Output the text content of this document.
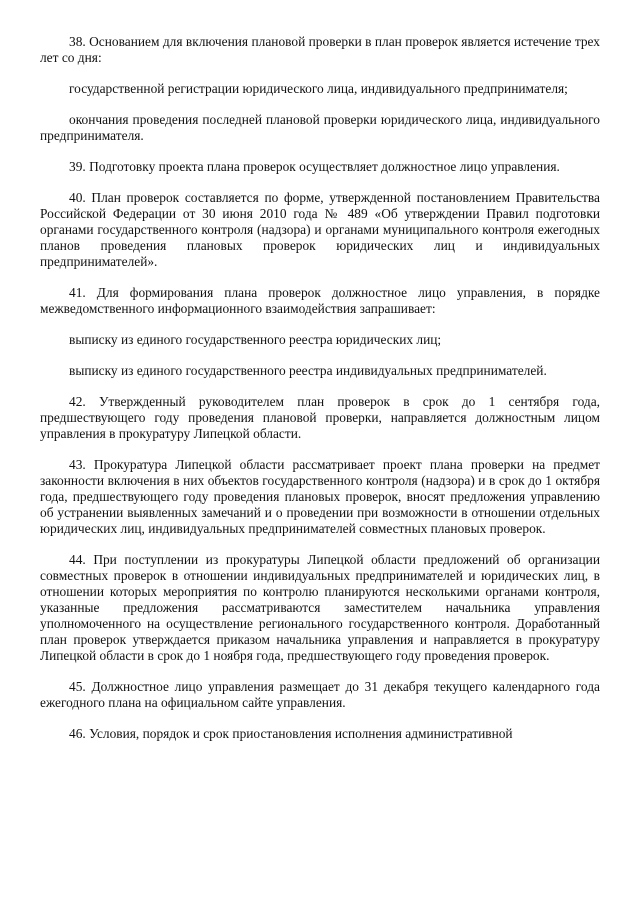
38. Основанием для включения плановой проверки в план проверок является истечение трех лет со дня:

государственной регистрации юридического лица, индивидуального предпринимателя;

окончания проведения последней плановой проверки юридического лица, индивидуального предпринимателя.

39. Подготовку проекта плана проверок осуществляет должностное лицо управления.

40. План проверок составляется по форме, утвержденной постановлением Правительства Российской Федерации от 30 июня 2010 года № 489 «Об утверждении Правил подготовки органами государственного контроля (надзора) и органами муниципального контроля ежегодных планов проведения плановых проверок юридических лиц и индивидуальных предпринимателей».

41. Для формирования плана проверок должностное лицо управления, в порядке межведомственного информационного взаимодействия запрашивает:

выписку из единого государственного реестра юридических лиц;

выписку из единого государственного реестра индивидуальных предпринимателей.

42. Утвержденный руководителем план проверок в срок до 1 сентября года, предшествующего году проведения плановой проверки, направляется должностным лицом управления в прокуратуру Липецкой области.

43. Прокуратура Липецкой области рассматривает проект плана проверки на предмет законности включения в них объектов государственного контроля (надзора) и в срок до 1 октября года, предшествующего году проведения плановых проверок, вносят предложения управлению об устранении выявленных замечаний и о проведении при возможности в отношении отдельных юридических лиц, индивидуальных предпринимателей совместных плановых проверок.

44. При поступлении из прокуратуры Липецкой области предложений об организации совместных проверок в отношении индивидуальных предпринимателей и юридических лиц, в отношении которых мероприятия по контролю планируются несколькими органами контроля, указанные предложения рассматриваются заместителем начальника управления уполномоченного на осуществление регионального государственного контроля. Доработанный план проверок утверждается приказом начальника управления и направляется в прокуратуру Липецкой области в срок до 1 ноября года, предшествующего году проведения проверок.

45. Должностное лицо управления размещает до 31 декабря текущего календарного года ежегодного плана на официальном сайте управления.

46. Условия, порядок и срок приостановления исполнения административной
